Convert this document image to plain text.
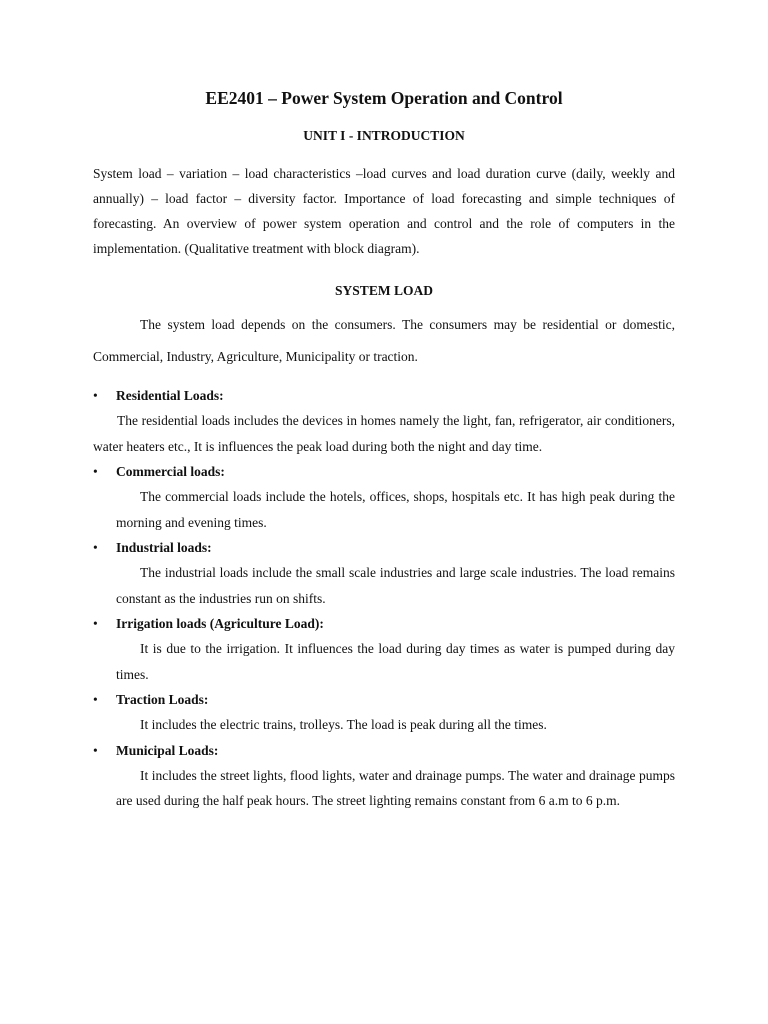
EE2401 – Power System Operation and Control
UNIT I - INTRODUCTION

System load – variation – load characteristics –load curves and load duration curve (daily, weekly and annually) – load factor – diversity factor. Importance of load forecasting and simple techniques of forecasting. An overview of power system operation and control and the role of computers in the implementation. (Qualitative treatment with block diagram).

SYSTEM LOAD

The system load depends on the consumers. The consumers may be residential or domestic, Commercial, Industry, Agriculture, Municipality or traction.

• Residential Loads:
The residential loads includes the devices in homes namely the light, fan, refrigerator, air conditioners, water heaters etc., It is influences the peak load during both the night and day time.
• Commercial loads:
The commercial loads include the hotels, offices, shops, hospitals etc. It has high peak during the morning and evening times.
• Industrial loads:
The industrial loads include the small scale industries and large scale industries. The load remains constant as the industries run on shifts.
• Irrigation loads (Agriculture Load):
It is due to the irrigation. It influences the load during day times as water is pumped during day times.
• Traction Loads:
It includes the electric trains, trolleys. The load is peak during all the times.
• Municipal Loads:
It includes the street lights, flood lights, water and drainage pumps. The water and drainage pumps are used during the half peak hours. The street lighting remains constant from 6 a.m to 6 p.m.
